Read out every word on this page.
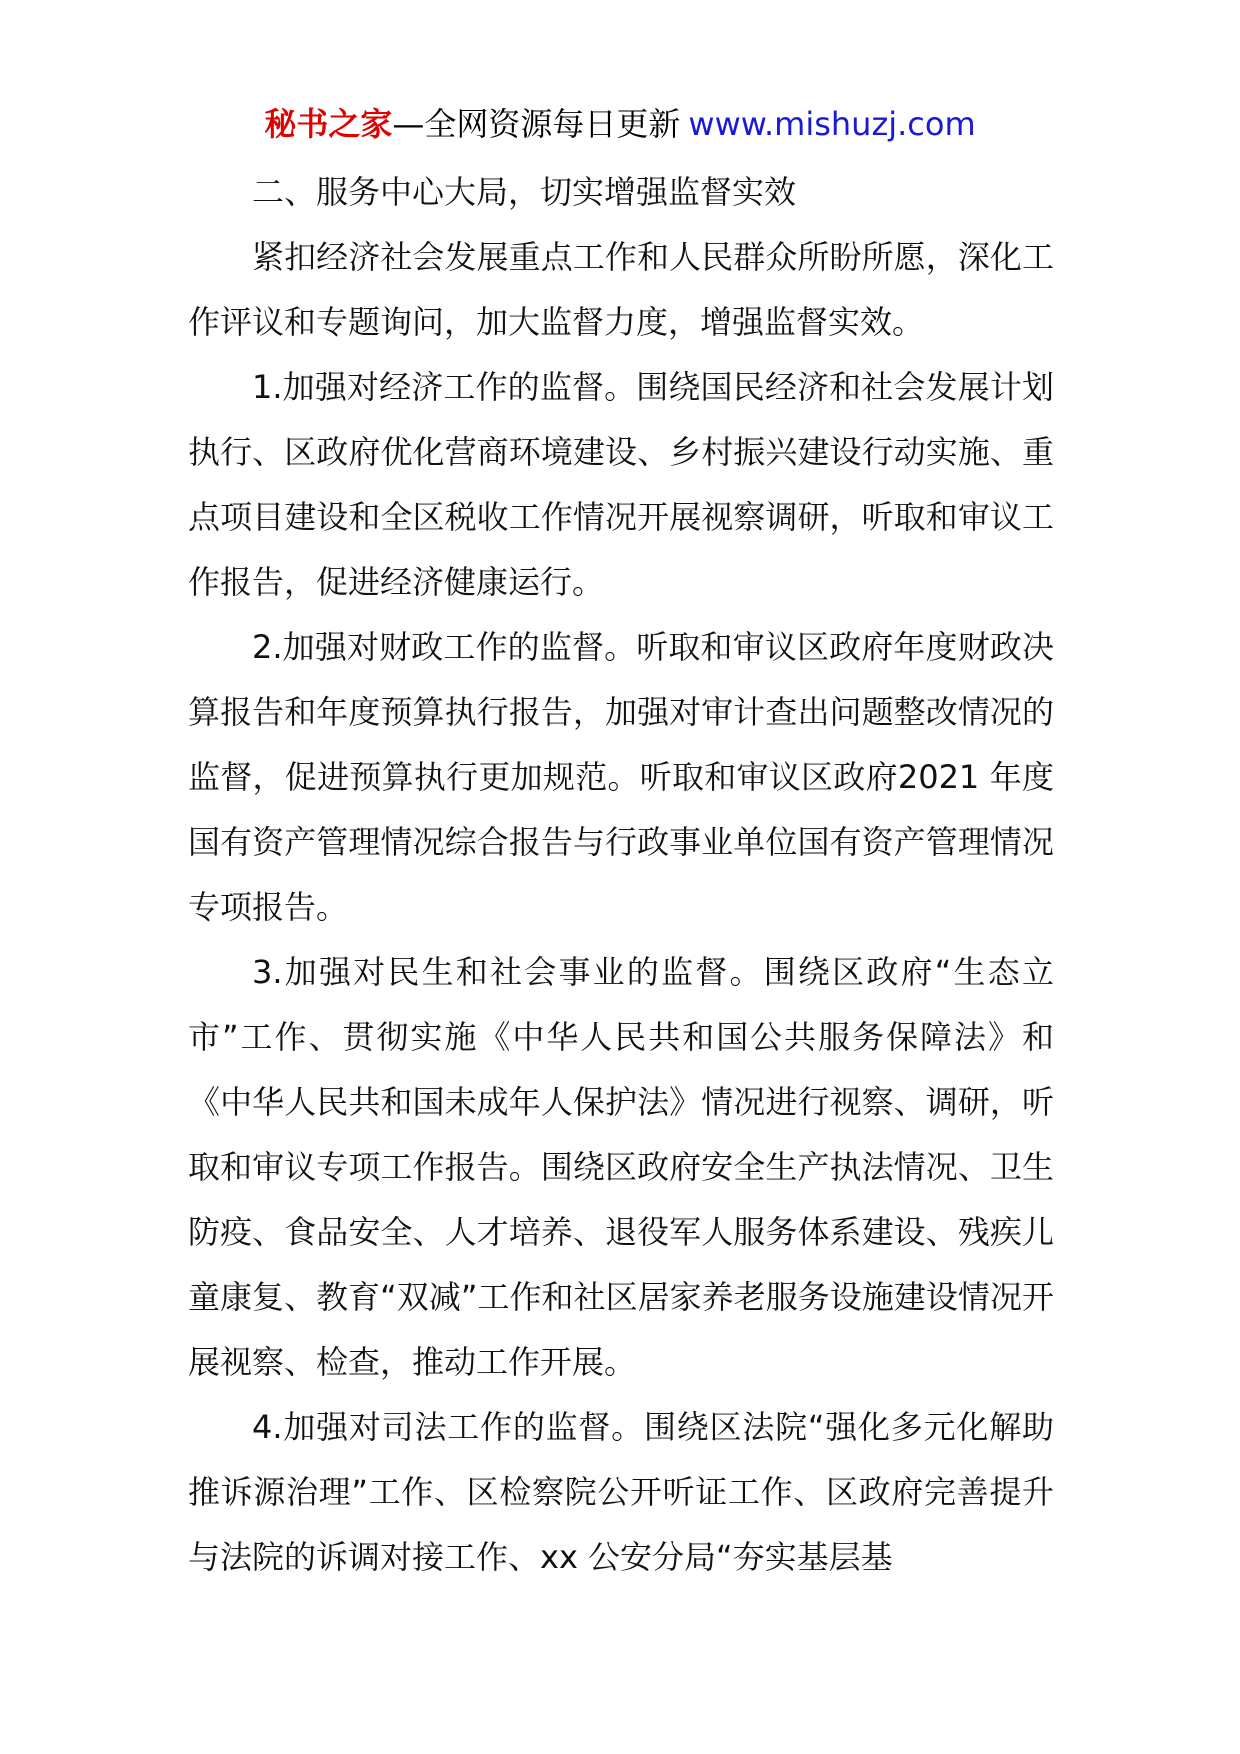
秘书之家—全网资源每日更新 www.mishuzj.com

二、服务中心大局，切实增强监督实效

紧扣经济社会发展重点工作和人民群众所盼所愿，深化工作评议和专题询问，加大监督力度，增强监督实效。

1.加强对经济工作的监督。围绕国民经济和社会发展计划执行、区政府优化营商环境建设、乡村振兴建设行动实施、重点项目建设和全区税收工作情况开展视察调研，听取和审议工作报告，促进经济健康运行。

2.加强对财政工作的监督。听取和审议区政府年度财政决算报告和年度预算执行报告，加强对审计查出问题整改情况的监督，促进预算执行更加规范。听取和审议区政府2021 年度国有资产管理情况综合报告与行政事业单位国有资产管理情况专项报告。

3.加强对民生和社会事业的监督。围绕区政府“生态立市”工作、贯彻实施《中华人民共和国公共服务保障法》和《中华人民共和国未成年人保护法》情况进行视察、调研，听取和审议专项工作报告。围绕区政府安全生产执法情况、卫生防疫、食品安全、人才培养、退役军人服务体系建设、残疾儿童康复、教育“双减”工作和社区居家养老服务设施建设情况开展视察、检查，推动工作开展。

4.加强对司法工作的监督。围绕区法院“强化多元化解助推诉源治理”工作、区检察院公开听证工作、区政府完善提升与法院的诉调对接工作、xx 公安分局“夯实基层基
